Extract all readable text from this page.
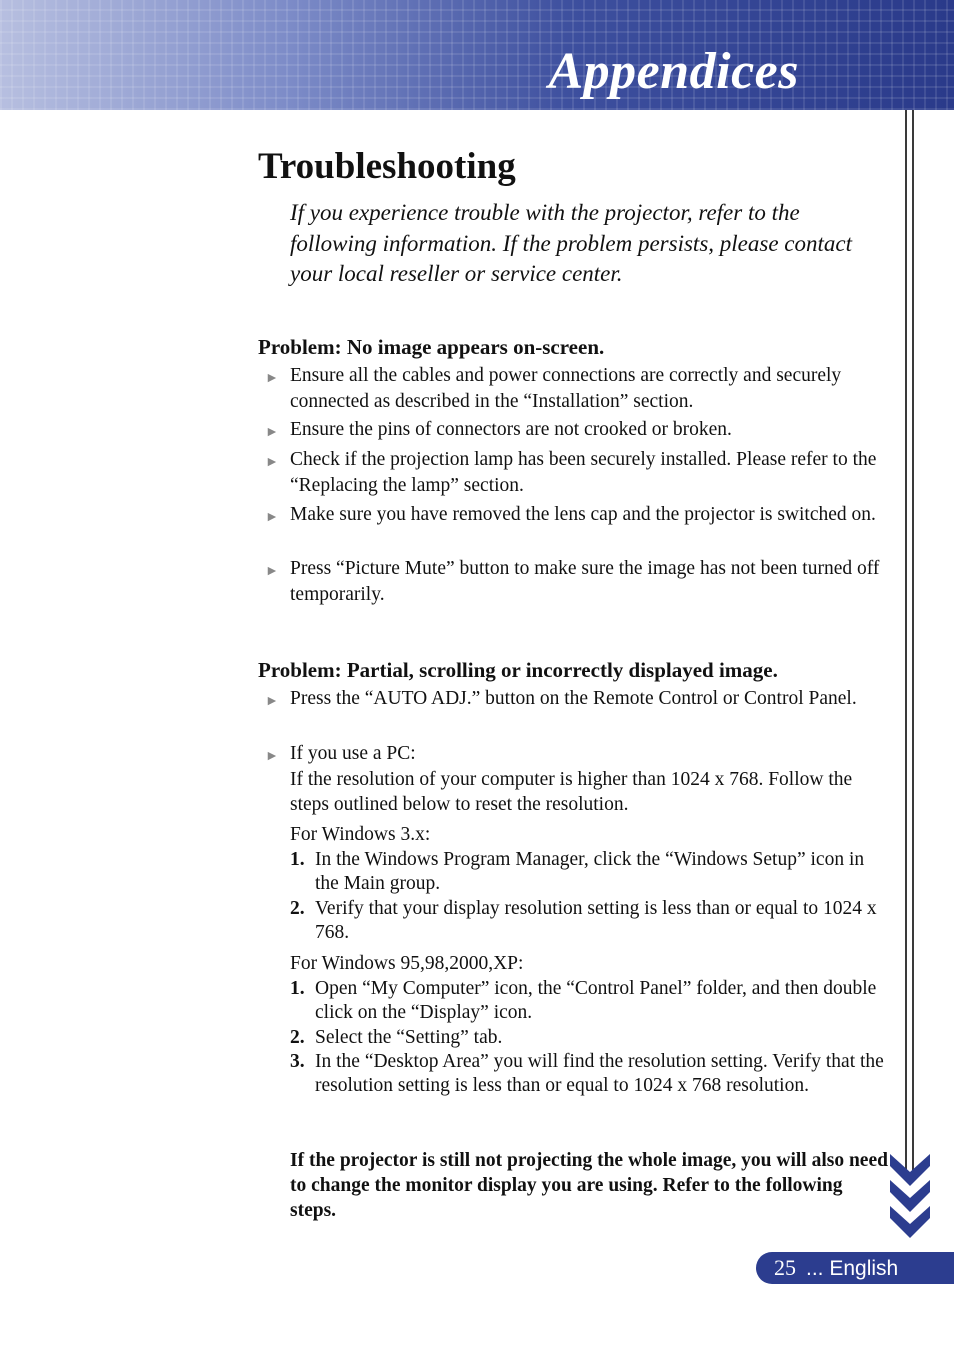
Appendices
25 ... English
Troubleshooting

If you experience trouble with the projector, refer to the following information. If the problem persists, please contact your local reseller or service center.

Problem: No image appears on-screen.
► Ensure all the cables and power connections are correctly and securely connected as described in the “Installation” section.
► Ensure the pins of connectors are not crooked or broken.
► Check if the projection lamp has been securely installed. Please refer to the “Replacing the lamp” section.
► Make sure you have removed the lens cap and the projector is switched on.
► Press “Picture Mute” button to make sure the image has not been turned off temporarily.
Problem: Partial, scrolling or incorrectly displayed image.
► Press the “AUTO ADJ.” button on the Remote Control or Control Panel.
► If you use a PC:
If the resolution of your computer is higher than 1024 x 768. Follow the steps outlined below to reset the resolution.
For Windows 3.x:
1. In the Windows Program Manager, click the “Windows Setup” icon in the Main group.
2. Verify that your display resolution setting is less than or equal to 1024 x 768.
For Windows 95,98,2000,XP:
1. Open “My Computer” icon, the “Control Panel” folder, and then double click on the “Display” icon.
2. Select the “Setting” tab.
3. In the “Desktop Area” you will find the resolution setting. Verify that the resolution setting is less than or equal to 1024 x 768 resolution.
If the projector is still not projecting the whole image, you will also need to change the monitor display you are using. Refer to the following steps.
